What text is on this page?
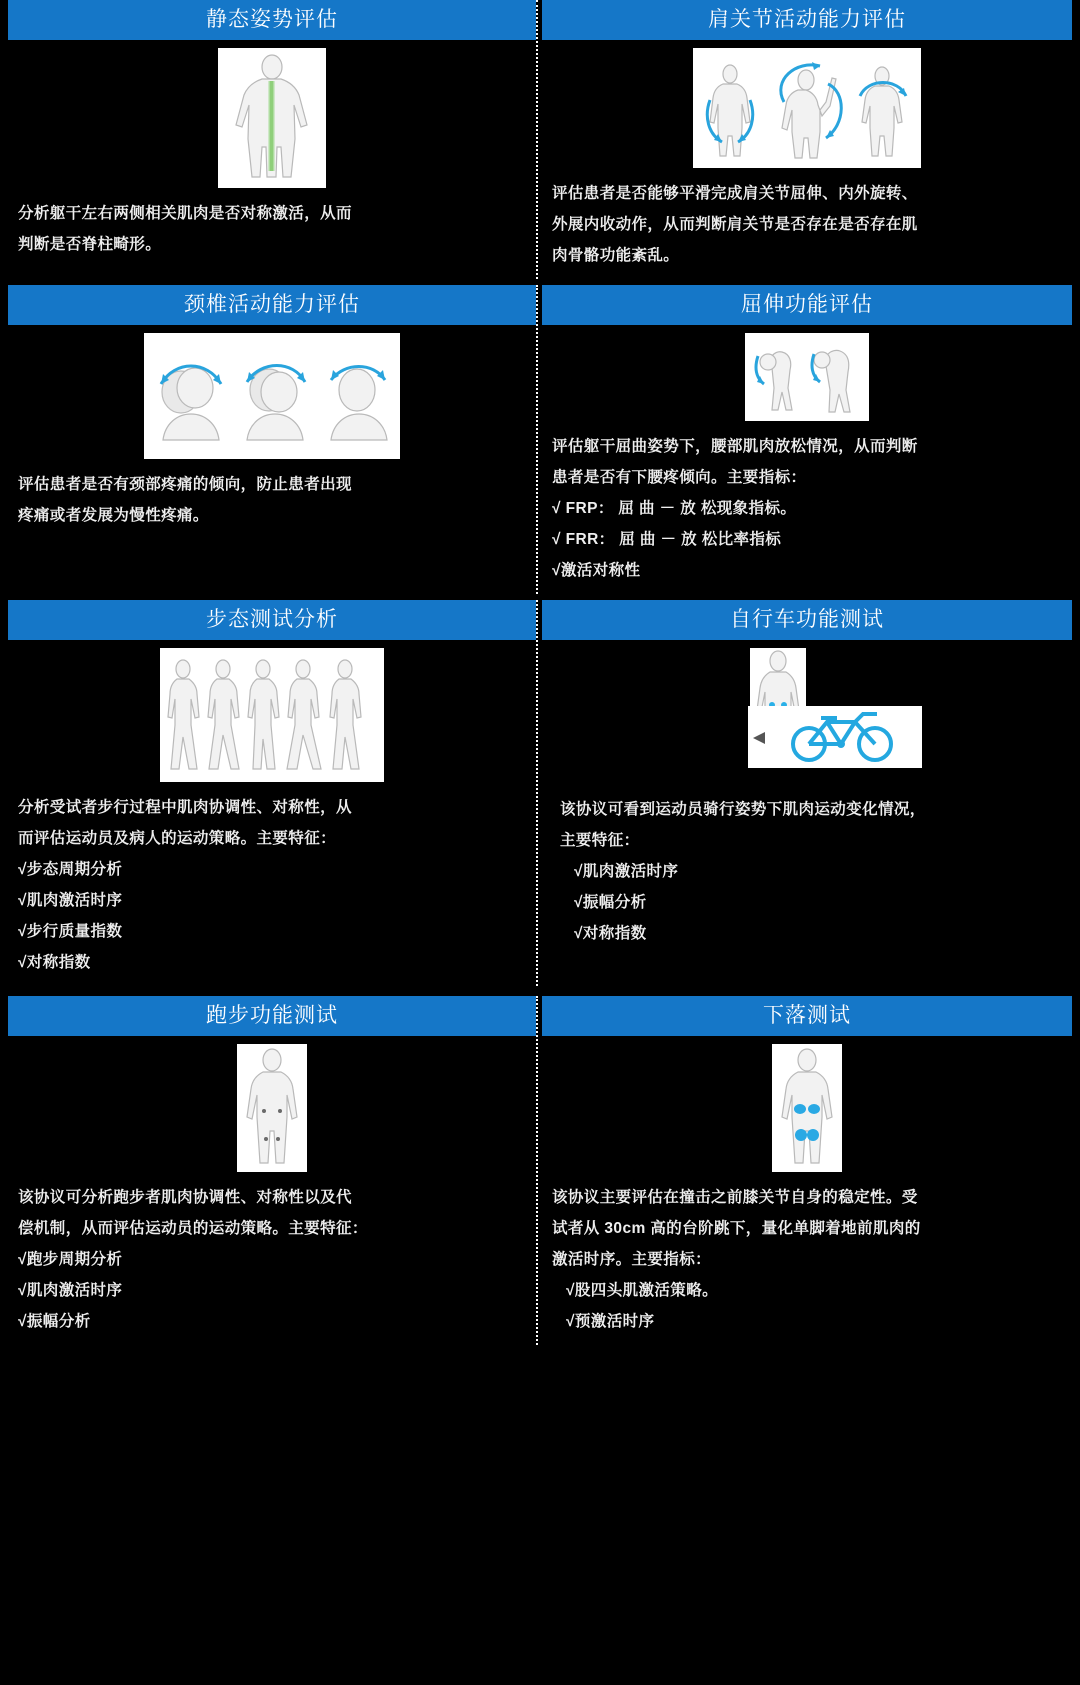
静态姿势评估
分析躯干左右两侧相关肌肉是否对称激活，从而
判断是否脊柱畸形。
肩关节活动能力评估
评估患者是否能够平滑完成肩关节屈伸、内外旋转、
外展内收动作，从而判断肩关节是否存在是否存在肌
肉骨骼功能紊乱。
颈椎活动能力评估
评估患者是否有颈部疼痛的倾向，防止患者出现
疼痛或者发展为慢性疼痛。
屈伸功能评估
评估躯干屈曲姿势下，腰部肌肉放松情况，从而判断
患者是否有下腰疼倾向。主要指标：
√ FRP： 屈 曲 － 放 松现象指标。
√ FRR： 屈 曲 － 放 松比率指标
√激活对称性
步态测试分析
分析受试者步行过程中肌肉协调性、对称性，从
而评估运动员及病人的运动策略。主要特征：
√步态周期分析
√肌肉激活时序
√步行质量指数
√对称指数
自行车功能测试
该协议可看到运动员骑行姿势下肌肉运动变化情况，
主要特征：
√肌肉激活时序
√振幅分析
√对称指数
跑步功能测试
该协议可分析跑步者肌肉协调性、对称性以及代
偿机制，从而评估运动员的运动策略。主要特征：
√跑步周期分析
√肌肉激活时序
√振幅分析
下落测试
该协议主要评估在撞击之前膝关节自身的稳定性。受
试者从 30cm 高的台阶跳下，量化单脚着地前肌肉的
激活时序。主要指标：
√股四头肌激活策略。
√预激活时序
